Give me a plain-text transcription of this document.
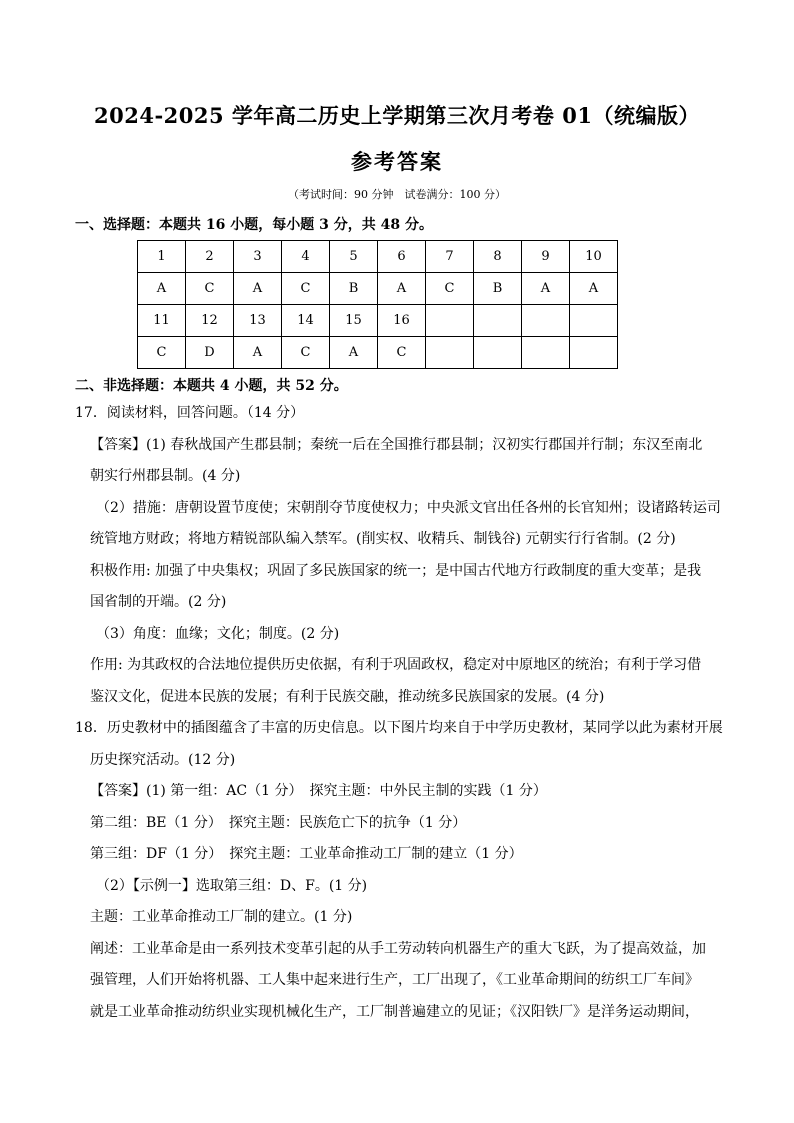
2024-2025 学年高二历史上学期第三次月考卷 01（统编版）
参考答案
（考试时间：90 分钟　试卷满分：100 分）
一、选择题：本题共 16 小题，每小题 3 分，共 48 分。
1	2	3	4	5	6	7	8	9	10
A	C	A	C	B	A	C	B	A	A
11	12	13	14	15	16				
C	D	A	C	A	C				
二、非选择题：本题共 4 小题，共 52 分。
17．阅读材料，回答问题。（14 分）
【答案】(1) 春秋战国产生郡县制；秦统一后在全国推行郡县制；汉初实行郡国并行制；东汉至南北
朝实行州郡县制。(4 分)
（2）措施：唐朝设置节度使；宋朝削夺节度使权力；中央派文官出任各州的长官知州；设诸路转运司
统管地方财政；将地方精锐部队编入禁军。(削实权、收精兵、制钱谷) 元朝实行行省制。(2 分)
积极作用: 加强了中央集权；巩固了多民族国家的统一；是中国古代地方行政制度的重大变革；是我
国省制的开端。(2 分)
（3）角度：血缘；文化；制度。(2 分)
作用: 为其政权的合法地位提供历史依据，有利于巩固政权，稳定对中原地区的统治；有利于学习借
鉴汉文化，促进本民族的发展；有利于民族交融，推动统多民族国家的发展。(4 分)
18．历史教材中的插图蕴含了丰富的历史信息。以下图片均来自于中学历史教材，某同学以此为素材开展
历史探究活动。(12 分)
【答案】(1) 第一组：AC（1 分）　探究主题：中外民主制的实践（1 分）
第二组：BE（1 分）　探究主题：民族危亡下的抗争（1 分）
第三组：DF（1 分）　探究主题：工业革命推动工厂制的建立（1 分）
（2）【示例一】选取第三组：D、F。(1 分)
主题：工业革命推动工厂制的建立。(1 分)
阐述：工业革命是由一系列技术变革引起的从手工劳动转向机器生产的重大飞跃，为了提高效益，加
强管理，人们开始将机器、工人集中起来进行生产，工厂出现了，《工业革命期间的纺织工厂车间》
就是工业革命推动纺织业实现机械化生产，工厂制普遍建立的见证；《汉阳铁厂》是洋务运动期间，
